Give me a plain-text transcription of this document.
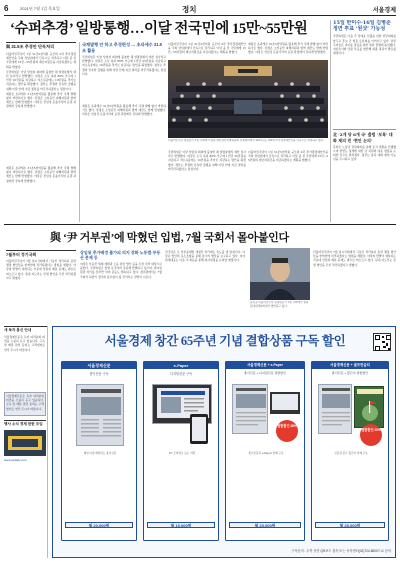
6	2021년 7월 1일 목요일	정치	서울경제
‘슈퍼추경’ 일방통행…이달 전국민에 15만~55만원
與 31.5조 추경안 단독처리

더불어민주당이 1일 31조5천억원 규모의 2차 추가경정예산안을 국회 상임위에서 단독으로 처리하고 이달 중 전 국민에게 15만~55만원의 재난지원금을 지급하겠다는 계획을 밝혔다.

국민의힘은 이날 상임위 회의에 불참한 채 일방통행식 예산 심사라고 반발했다. 여당은 소득 하위 80% 가구에 1인당 25만원을 지급하고 저소득층에는 10만원을 추가로 지급하는 방안을 확정했다. 정부는 추경의 신속한 집행을 위해 이달 안에 지급 절차를 마무리하겠다는 입장이다.

재원은 초과세수 31조5천억원을 활용해 추가 국채 발행 없이 마련하기로 했다. 당정은 소상공인 피해지원과 방역 예산도 함께 반영했다. 야당은 선심성 돈풀기라며 표결 과정에서 강하게 반발했다.

국채발행 안 하고 추경편성 … 초과세수 31.5조 활용
국민의힘은 이날 상임위 회의에 불참한 채 일방통행식 예산 심사라고 반발했다. 여당은 소득 하위 80% 가구에 1인당 25만원을 지급하고 저소득층에는 10만원을 추가로 지급하는 방안을 확정했다. 정부는 추경의 신속한 집행을 위해 이달 안에 지급 절차를 마무리하겠다는 입장이다.
더불어민주당이 1일 31조5천억원 규모의 2차 추가경정예산안을 국회 상임위에서 단독으로 처리하고 이달 중 전 국민에게 15만~55만원의 재난지원금을 지급하겠다는 계획을 밝혔다.
재원은 초과세수 31조5천억원을 활용해 추가 국채 발행 없이 마련하기로 했다. 당정은 소상공인 피해지원과 방역 예산도 함께 반영했다. 야당은 선심성 돈풀기라며 표결 과정에서 강하게 반발했다.
더불어민주당 의원들이 1일 국회에서 열린 예산결산특별위원회 전체회의에서 2021년도 제2회 추가경정예산안을 단독으로 의결하고 있다.
재원은 초과세수 31조5천억원을 활용해 추가 국채 발행 없이 마련하기로 했다. 당정은 소상공인 피해지원과 방역 예산도 함께 반영했다. 야당은 선심성 돈풀기라며 표결 과정에서 강하게 반발했다.
국민의힘은 이날 상임위 회의에 불참한 채 일방통행식 예산 심사라고 반발했다. 여당은 소득 하위 80% 가구에 1인당 25만원을 지급하고 저소득층에는 10만원을 추가로 지급하는 방안을 확정했다. 정부는 추경의 신속한 집행을 위해 이달 안에 지급 절차를 마무리하겠다는 입장이다.
더불어민주당이 1일 31조5천억원 규모의 2차 추가경정예산안을 국회 상임위에서 단독으로 처리하고 이달 중 전 국민에게 15만~55만원의 재난지원금을 지급하겠다는 계획을 밝혔다.
재원은 초과세수 31조5천억원을 활용해 추가 국채 발행 없이 마련하기로 했다. 당정은 소상공인 피해지원과 방역 예산도 함께 반영했다. 야당은 선심성 돈풀기라며 표결 과정에서 강하게 반발했다.
15일 한미수·16일 김병준 정면 투표 ‘원샷’ 가능성
국민의힘은 다음 주 당대표 선출을 위한 전당대회를 앞두고 후보 간 합동 토론회를 이어가고 있다. 당권 주자들은 지지층 결집을 위한 막판 경쟁에 돌입했다. 여론조사와 당원 투표를 합산해 최종 결과가 발표될 예정이다.
北 ‘2개 당 6개 국’ 출범 ‘보복’ 대화 제의 전 ‘현안 논의’
북한은 노동당 전원회의를 통해 조직 개편을 단행했으며 한반도 정세에 대한 당 차원의 대응 방침을 논의한 것으로 알려졌다. 정부는 남북 대화 재개 가능성을 주시하고 있다.
與 ‘尹 거부권’에 막혔던 입법, 7월 국회서 몰아붙인다
새 독자 통신 안내
서울경제신문은 독자 여러분의 의견을 소중히 듣고 있습니다. 구독 및 배달 관련 문의는 고객센터로 연락 주시기 바랍니다.
서울경제신문은 독자 여러분의 의견을 소중히 듣고 있습니다. 구독 및 배달 관련 문의는 고객센터로 연락 주시기 바랍니다.
행사 소식 경제 한한 모임
www.sedaily.com
7월부터 정기국회
더불어민주당이 7월 임시국회에서 그동안 처리하지 못한 쟁점 법안들을 한꺼번에 처리하겠다는 방침을 세웠다. 야당의 반발이 예상되는 가운데 상임위 배분 문제도 변수로 떠오르고 있다. 원내 지도부는 민생 법안을 우선 처리하겠다고 밝혔다.
상임위 추가배정 불가피 의지 강화 노동법·부동산 문제 등
여당은 부동산 세제 개편과 노동 관련 법안 등을 우선 처리 대상으로 꼽았다. 국민의힘은 입법 독주라며 강하게 반발하고 있으며, 법사위원장 자리를 둘러싼 여야 갈등도 계속되고 있다. 정치권에서는 7월 국회가 하반기 정국의 분수령이 될 것이라는 전망이 나온다.
민주당은 또 언론중재법 개정안 처리에도 속도를 낼 방침이다. 야당은 법안의 독소조항을 문제 삼으며 협상을 요구하고 있다. 여야 원내대표는 다음 주 회동을 통해 의사일정을 논의할 예정이다.
윤호중 더불어민주당 원내대표가 1일 국회에서 열린 원내대책회의에서 발언하고 있다.
더불어민주당이 7월 임시국회에서 그동안 처리하지 못한 쟁점 법안들을 한꺼번에 처리하겠다는 방침을 세웠다. 야당의 반발이 예상되는 가운데 상임위 배분 문제도 변수로 떠오르고 있다. 원내 지도부는 민생 법안을 우선 처리하겠다고 밝혔다.
서울경제 창간 65주년 기념 결합상품 구독 할인
서울경제신문
종이신문 구독
매일 아침 배달되는 종이신문
월 20,000원
e-Paper
디지털신문 구독
PC·모바일로 보는 지면
월 15,000원
서울경제신문 + e-Paper
종이신문 + 디지털신문 결합할인
결합할인 28%
종이신문과 e-Paper 함께 구독
월 25,000원
서울경제신문 + 골프먼슬리
종이신문 + 월간지 결합할인
결합할인 20%
신문과 골프 월간지 함께 구독
월 25,000원
구독문의 : 우측 상단 QR코드 접속 또는 독자센터(02)724-8600으로 문의
